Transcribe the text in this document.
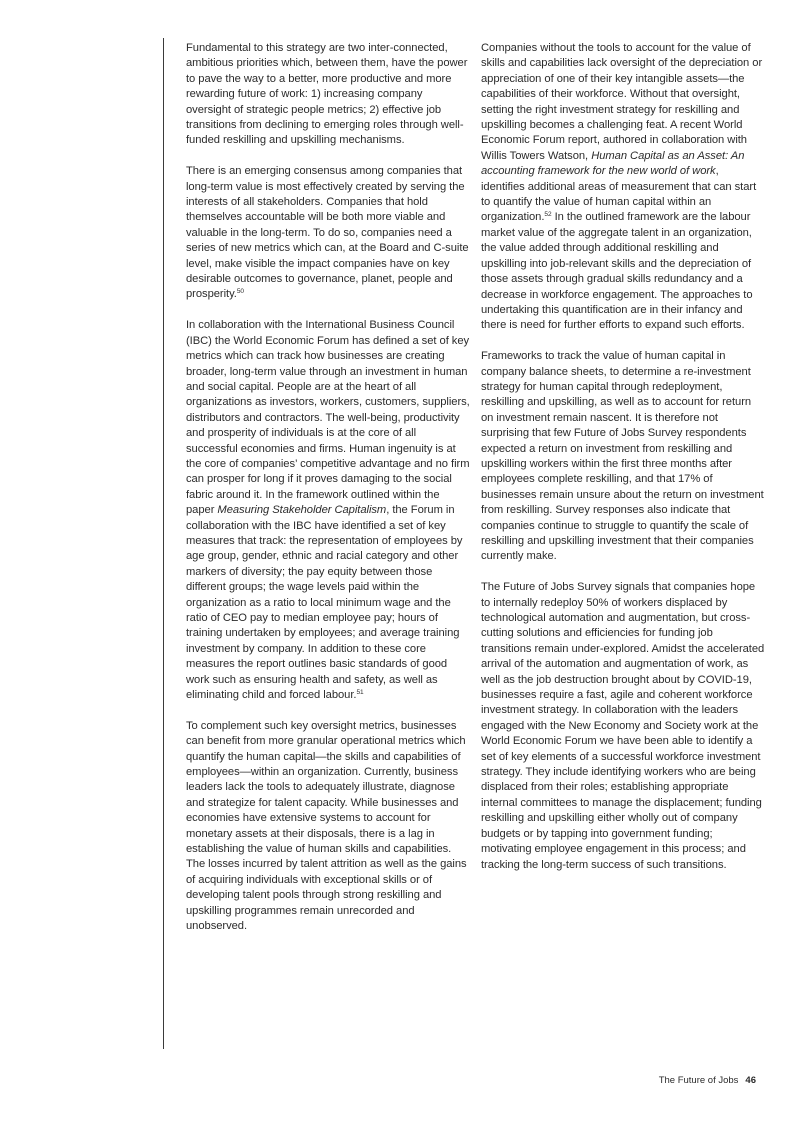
Fundamental to this strategy are two inter-connected, ambitious priorities which, between them, have the power to pave the way to a better, more productive and more rewarding future of work: 1) increasing company oversight of strategic people metrics; 2) effective job transitions from declining to emerging roles through well-funded reskilling and upskilling mechanisms.

There is an emerging consensus among companies that long-term value is most effectively created by serving the interests of all stakeholders. Companies that hold themselves accountable will be both more viable and valuable in the long-term. To do so, companies need a series of new metrics which can, at the Board and C-suite level, make visible the impact companies have on key desirable outcomes to governance, planet, people and prosperity.$^{50}$

In collaboration with the International Business Council (IBC) the World Economic Forum has defined a set of key metrics which can track how businesses are creating broader, long-term value through an investment in human and social capital. People are at the heart of all organizations as investors, workers, customers, suppliers, distributors and contractors. The well-being, productivity and prosperity of individuals is at the core of all successful economies and firms. Human ingenuity is at the core of companies’ competitive advantage and no firm can prosper for long if it proves damaging to the social fabric around it. In the framework outlined within the paper Measuring Stakeholder Capitalism, the Forum in collaboration with the IBC have identified a set of key measures that track: the representation of employees by age group, gender, ethnic and racial category and other markers of diversity; the pay equity between those different groups; the wage levels paid within the organization as a ratio to local minimum wage and the ratio of CEO pay to median employee pay; hours of training undertaken by employees; and average training investment by company. In addition to these core measures the report outlines basic standards of good work such as ensuring health and safety, as well as eliminating child and forced labour.$^{51}$

To complement such key oversight metrics, businesses can benefit from more granular operational metrics which quantify the human capital—the skills and capabilities of employees—within an organization. Currently, business leaders lack the tools to adequately illustrate, diagnose and strategize for talent capacity. While businesses and economies have extensive systems to account for monetary assets at their disposals, there is a lag in establishing the value of human skills and capabilities. The losses incurred by talent attrition as well as the gains of acquiring individuals with exceptional skills or of developing talent pools through strong reskilling and upskilling programmes remain unrecorded and unobserved.

Companies without the tools to account for the value of skills and capabilities lack oversight of the depreciation or appreciation of one of their key intangible assets—the capabilities of their workforce. Without that oversight, setting the right investment strategy for reskilling and upskilling becomes a challenging feat. A recent World Economic Forum report, authored in collaboration with Willis Towers Watson, Human Capital as an Asset: An accounting framework for the new world of work, identifies additional areas of measurement that can start to quantify the value of human capital within an organization.$^{52}$ In the outlined framework are the labour market value of the aggregate talent in an organization, the value added through additional reskilling and upskilling into job-relevant skills and the depreciation of those assets through gradual skills redundancy and a decrease in workforce engagement. The approaches to undertaking this quantification are in their infancy and there is need for further efforts to expand such efforts.

Frameworks to track the value of human capital in company balance sheets, to determine a re-investment strategy for human capital through redeployment, reskilling and upskilling, as well as to account for return on investment remain nascent. It is therefore not surprising that few Future of Jobs Survey respondents expected a return on investment from reskilling and upskilling workers within the first three months after employees complete reskilling, and that 17% of businesses remain unsure about the return on investment from reskilling. Survey responses also indicate that companies continue to struggle to quantify the scale of reskilling and upskilling investment that their companies currently make.

The Future of Jobs Survey signals that companies hope to internally redeploy 50% of workers displaced by technological automation and augmentation, but cross-cutting solutions and efficiencies for funding job transitions remain under-explored. Amidst the accelerated arrival of the automation and augmentation of work, as well as the job destruction brought about by COVID-19, businesses require a fast, agile and coherent workforce investment strategy. In collaboration with the leaders engaged with the New Economy and Society work at the World Economic Forum we have been able to identify a set of key elements of a successful workforce investment strategy. They include identifying workers who are being displaced from their roles; establishing appropriate internal committees to manage the displacement; funding reskilling and upskilling either wholly out of company budgets or by tapping into government funding; motivating employee engagement in this process; and tracking the long-term success of such transitions.

The Future of Jobs 46
